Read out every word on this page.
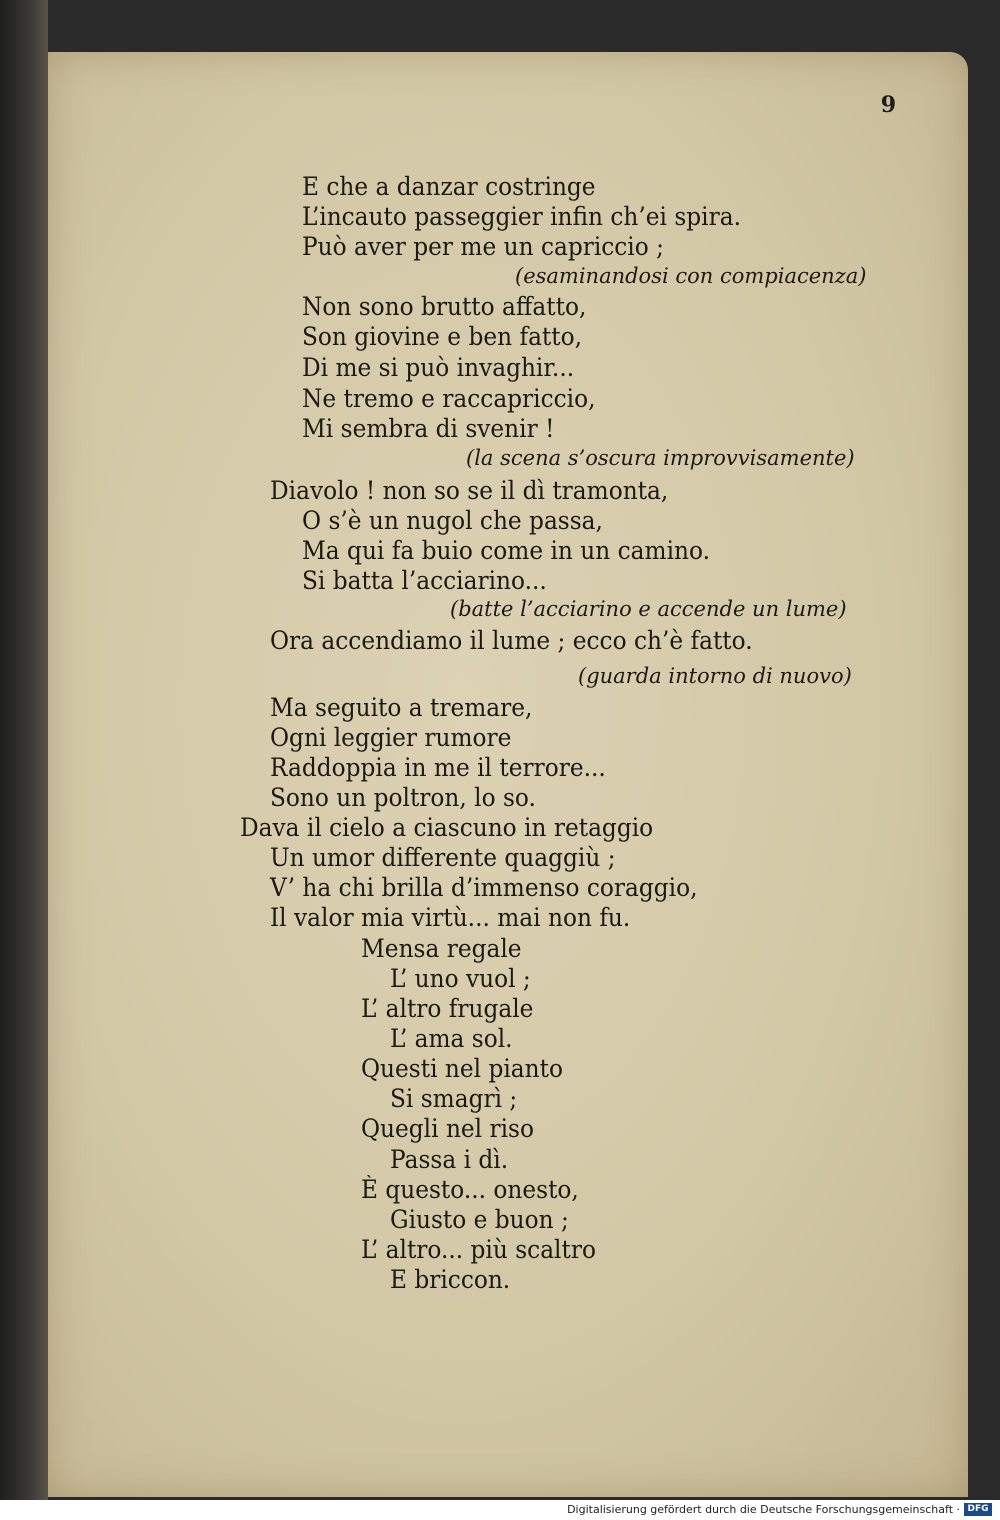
9
E che a danzar costringe
L’incauto passeggier infin ch’ei spira.
Può aver per me un capriccio ;
(esaminandosi con compiacenza)
Non sono brutto affatto,
Son giovine e ben fatto,
Di me si può invaghir...
Ne tremo e raccapriccio,
Mi sembra di svenir !
(la scena s’oscura improvvisamente)
Diavolo ! non so se il dì tramonta,
O s’è un nugol che passa,
Ma qui fa buio come in un camino.
Si batta l’acciarino...
(batte l’acciarino e accende un lume)
Ora accendiamo il lume ; ecco ch’è fatto.
(guarda intorno di nuovo)
Ma seguito a tremare,
Ogni leggier rumore
Raddoppia in me il terrore...
Sono un poltron, lo so.
Dava il cielo a ciascuno in retaggio
Un umor differente quaggiù ;
V’ ha chi brilla d’immenso coraggio,
Il valor mia virtù... mai non fu.
Mensa regale
L’ uno vuol ;
L’ altro frugale
L’ ama sol.
Questi nel pianto
Si smagrì ;
Quegli nel riso
Passa i dì.
È questo... onesto,
Giusto e buon ;
L’ altro... più scaltro
E briccon.
Digitalisierung gefördert durch die Deutsche Forschungsgemeinschaft · DFG
